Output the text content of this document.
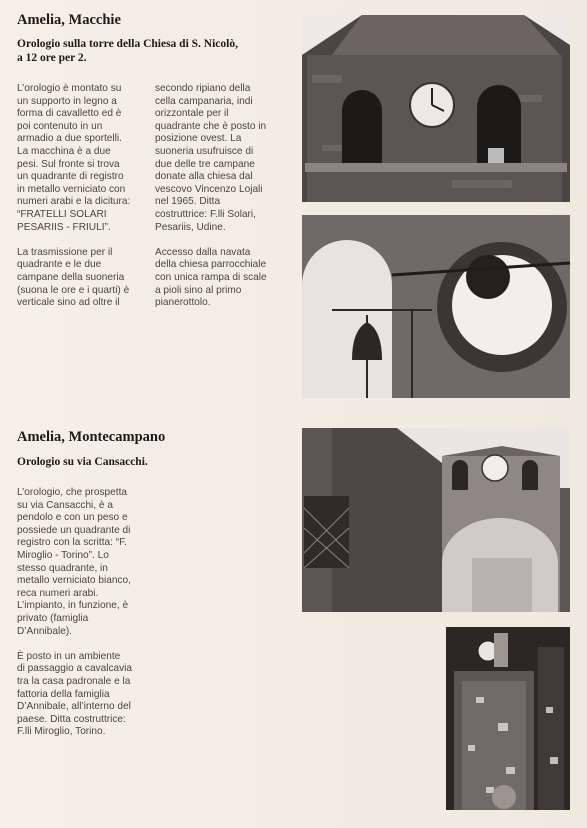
Amelia, Macchie
Orologio sulla torre della Chiesa di S. Nicolò,
a 12 ore per 2.
L’orologio è montato su
un supporto in legno a
forma di cavalletto ed è
poi contenuto in un
armadio a due sportelli.
La macchina è a due
pesi. Sul fronte si trova
un quadrante di registro
in metallo verniciato con
numeri arabi e la dicitura:
“FRATELLI SOLARI
PESARIIS - FRIULI”.

La trasmissione per il
quadrante e le due
campane della suoneria
(suona le ore e i quarti) è
verticale sino ad oltre il
secondo ripiano della
cella campanaria, indi
orizzontale per il
quadrante che è posto in
posizione ovest. La
suoneria usufruisce di
due delle tre campane
donate alla chiesa dal
vescovo Vincenzo Lojali
nel 1965. Ditta
costruttrice: F.lli Solari,
Pesariis, Udine.

Accesso dalla navata
della chiesa parrocchiale
con unica rampa di scale
a pioli sino al primo
pianerottolo.
Amelia, Montecampano
Orologio su via Cansacchi.
L’orologio, che prospetta
su via Cansacchi, è a
pendolo e con un peso e
possiede un quadrante di
registro con la scritta: “F.
Miroglio - Torino”. Lo
stesso quadrante, in
metallo verniciato bianco,
reca numeri arabi.
L’impianto, in funzione, è
privato (famiglia
D’Annibale).

È posto in un ambiente
di passaggio a cavalcavia
tra la casa padronale e la
fattoria della famiglia
D’Annibale, all’interno del
paese. Ditta costruttrice:
F.lli Miroglio, Torino.
